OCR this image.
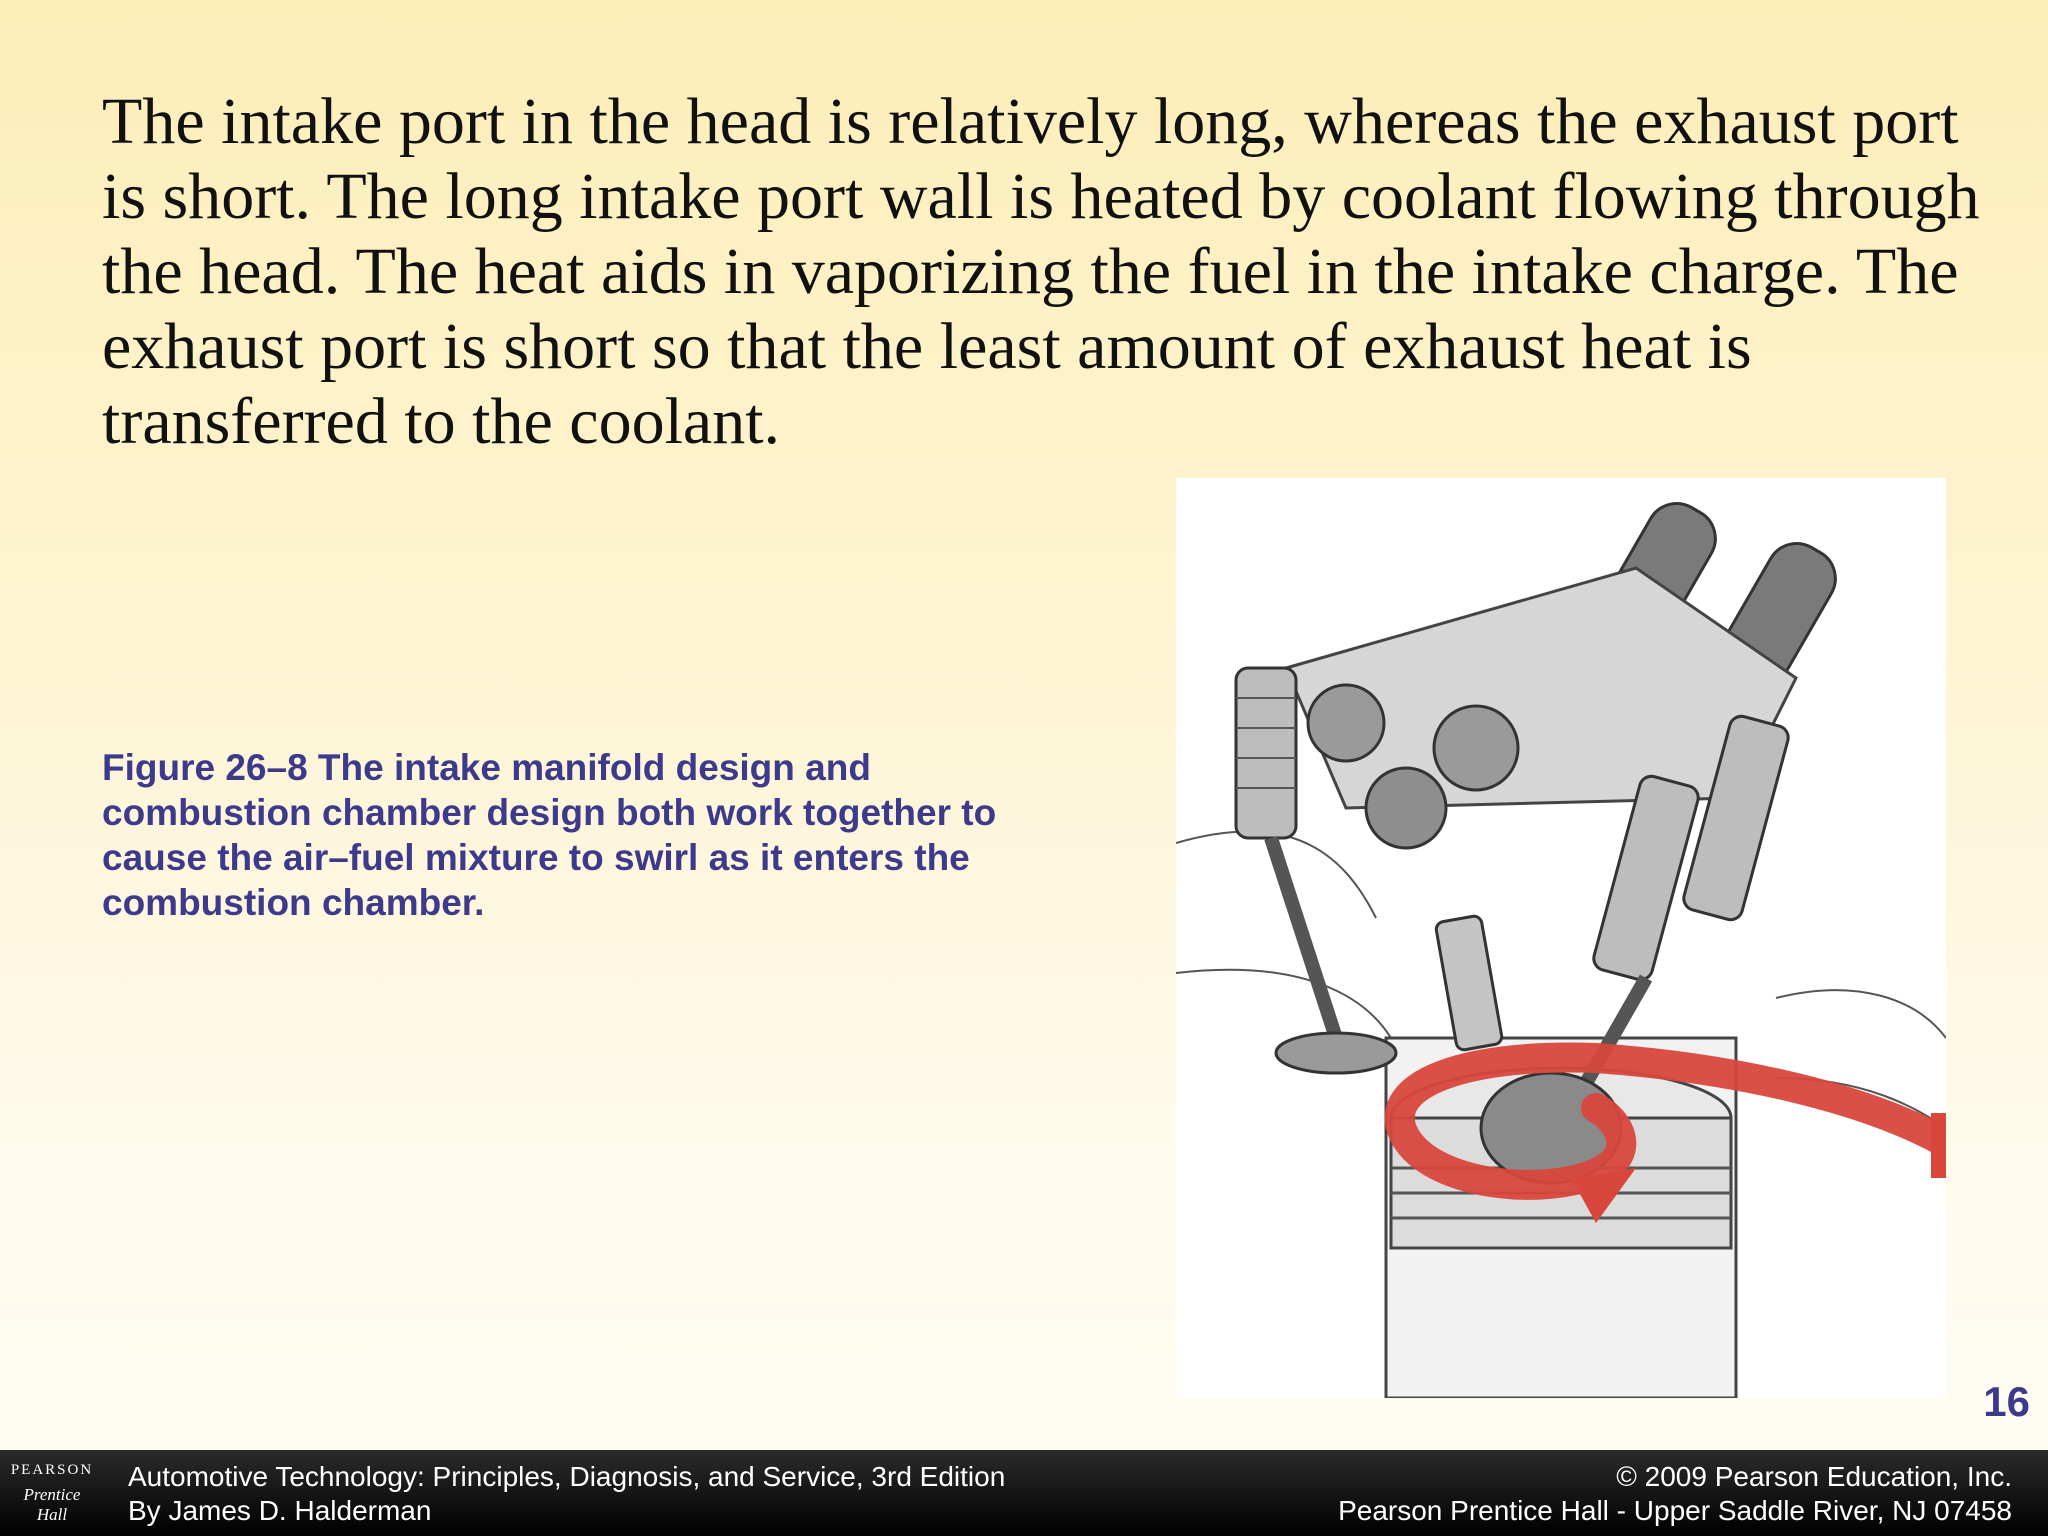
The intake port in the head is relatively long, whereas the exhaust port is short. The long intake port wall is heated by coolant flowing through the head. The heat aids in vaporizing the fuel in the intake charge. The exhaust port is short so that the least amount of exhaust heat is transferred to the coolant.

Figure 26–8 The intake manifold design and combustion chamber design both work together to cause the air–fuel mixture to swirl as it enters the combustion chamber.

16
PEARSON
Prentice
Hall
Automotive Technology: Principles, Diagnosis, and Service, 3rd Edition
By James D. Halderman
© 2009 Pearson Education, Inc.
Pearson Prentice Hall - Upper Saddle River, NJ 07458
